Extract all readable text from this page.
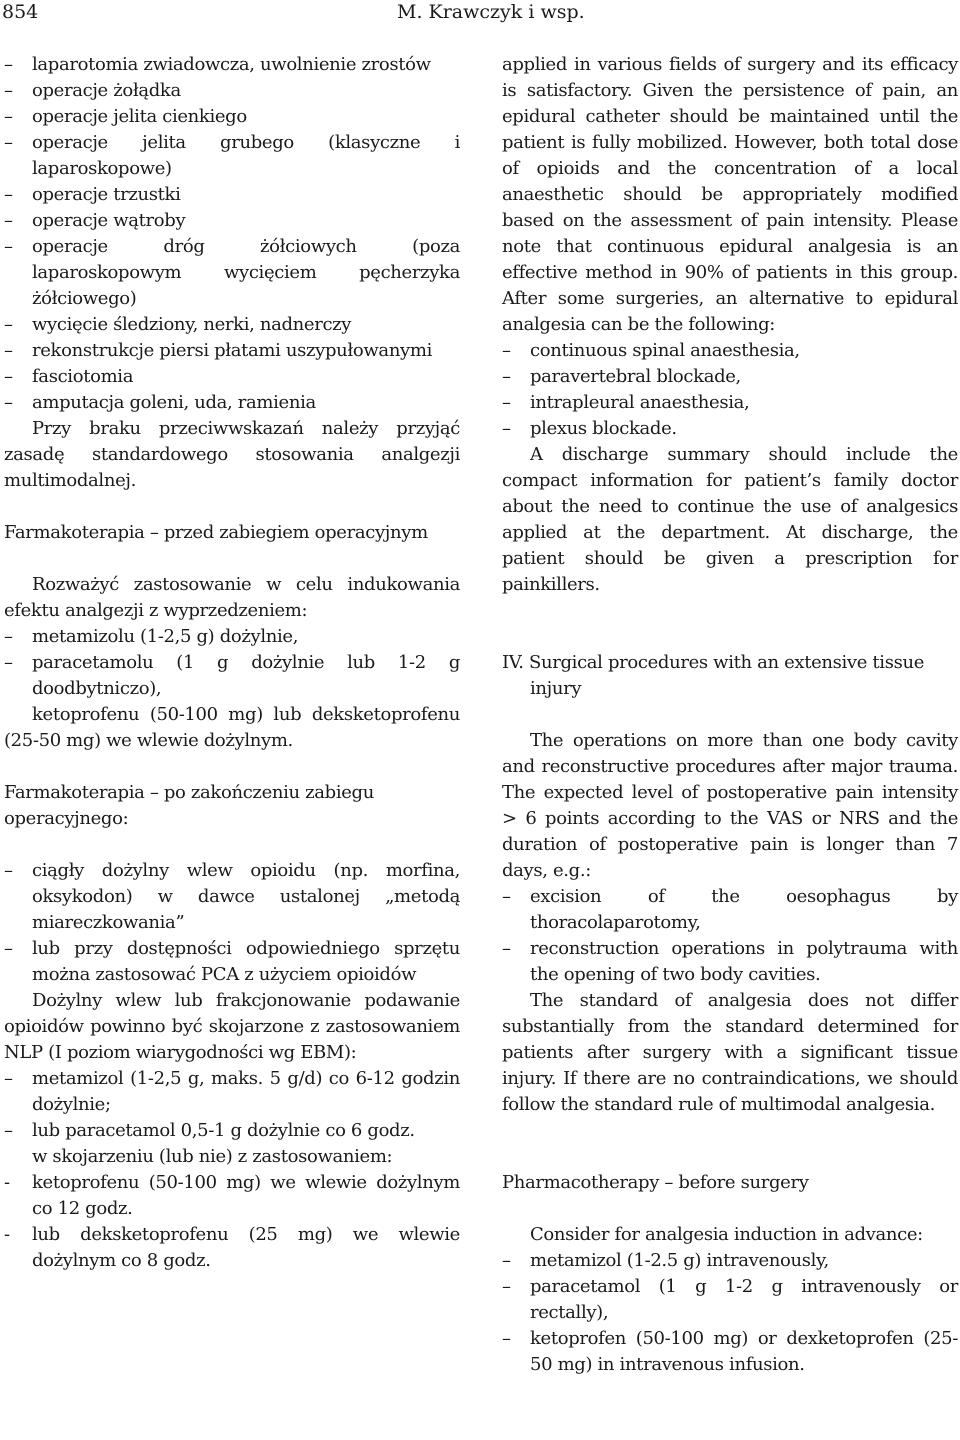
854	M. Krawczyk i wsp.

– laparotomia zwiadowcza, uwolnienie zrostów

– operacje żołądka

– operacje jelita cienkiego

– operacje jelita grubego (klasyczne i laparoskopowe)

– operacje trzustki

– operacje wątroby

– operacje dróg żółciowych (poza laparoskopowym wycięciem pęcherzyka żółciowego)

– wycięcie śledziony, nerki, nadnerczy

– rekonstrukcje piersi płatami uszypułowanymi

– fasciotomia

– amputacja goleni, uda, ramienia

Przy braku przeciwwskazań należy przyjąć zasadę standardowego stosowania analgezji multimodalnej.

Farmakoterapia – przed zabiegiem operacyjnym

Rozważyć zastosowanie w celu indukowania efektu analgezji z wyprzedzeniem:

– metamizolu (1-2,5 g) dożylnie,

– paracetamolu (1 g dożylnie lub 1-2 g doodbytniczo),

ketoprofenu (50-100 mg) lub deksketoprofenu (25-50 mg) we wlewie dożylnym.

Farmakoterapia – po zakończeniu zabiegu operacyjnego:

– ciągły dożylny wlew opioidu (np. morfina, oksykodon) w dawce ustalonej „metodą miareczkowania”

– lub przy dostępności odpowiedniego sprzętu można zastosować PCA z użyciem opioidów

Dożylny wlew lub frakcjonowanie podawanie opioidów powinno być skojarzone z zastosowaniem NLP (I poziom wiarygodności wg EBM):

– metamizol (1-2,5 g, maks. 5 g/d) co 6-12 godzin dożylnie;

– lub paracetamol 0,5-1 g dożylnie co 6 godz.

w skojarzeniu (lub nie) z zastosowaniem:

- ketoprofenu (50-100 mg) we wlewie dożylnym co 12 godz.

- lub deksketoprofenu (25 mg) we wlewie dożylnym co 8 godz.

applied in various fields of surgery and its efficacy is satisfactory. Given the persistence of pain, an epidural catheter should be maintained until the patient is fully mobilized. However, both total dose of opioids and the concentration of a local anaesthetic should be appropriately modified based on the assessment of pain intensity. Please note that continuous epidural analgesia is an effective method in 90% of patients in this group. After some surgeries, an alternative to epidural analgesia can be the following:

– continuous spinal anaesthesia,

– paravertebral blockade,

– intrapleural anaesthesia,

– plexus blockade.

A discharge summary should include the compact information for patient’s family doctor about the need to continue the use of analgesics applied at the department. At discharge, the patient should be given a prescription for painkillers.

IV. Surgical procedures with an extensive tissue injury

The operations on more than one body cavity and reconstructive procedures after major trauma. The expected level of postoperative pain intensity > 6 points according to the VAS or NRS and the duration of postoperative pain is longer than 7 days, e.g.:

– excision of the oesophagus by thoracolaparotomy,

– reconstruction operations in polytrauma with the opening of two body cavities.

The standard of analgesia does not differ substantially from the standard determined for patients after surgery with a significant tissue injury. If there are no contraindications, we should follow the standard rule of multimodal analgesia.

Pharmacotherapy – before surgery

Consider for analgesia induction in advance:

– metamizol (1-2.5 g) intravenously,

– paracetamol (1 g 1-2 g intravenously or rectally),

– ketoprofen (50-100 mg) or dexketoprofen (25-50 mg) in intravenous infusion.
